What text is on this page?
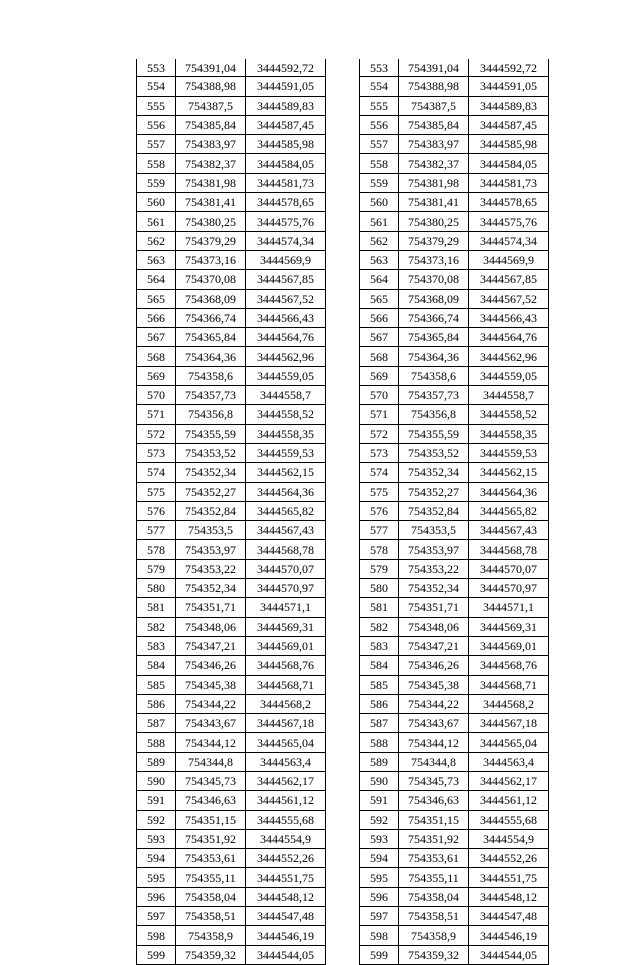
553	754391,04	3444592,72
554	754388,98	3444591,05
555	754387,5	3444589,83
556	754385,84	3444587,45
557	754383,97	3444585,98
558	754382,37	3444584,05
559	754381,98	3444581,73
560	754381,41	3444578,65
561	754380,25	3444575,76
562	754379,29	3444574,34
563	754373,16	3444569,9
564	754370,08	3444567,85
565	754368,09	3444567,52
566	754366,74	3444566,43
567	754365,84	3444564,76
568	754364,36	3444562,96
569	754358,6	3444559,05
570	754357,73	3444558,7
571	754356,8	3444558,52
572	754355,59	3444558,35
573	754353,52	3444559,53
574	754352,34	3444562,15
575	754352,27	3444564,36
576	754352,84	3444565,82
577	754353,5	3444567,43
578	754353,97	3444568,78
579	754353,22	3444570,07
580	754352,34	3444570,97
581	754351,71	3444571,1
582	754348,06	3444569,31
583	754347,21	3444569,01
584	754346,26	3444568,76
585	754345,38	3444568,71
586	754344,22	3444568,2
587	754343,67	3444567,18
588	754344,12	3444565,04
589	754344,8	3444563,4
590	754345,73	3444562,17
591	754346,63	3444561,12
592	754351,15	3444555,68
593	754351,92	3444554,9
594	754353,61	3444552,26
595	754355,11	3444551,75
596	754358,04	3444548,12
597	754358,51	3444547,48
598	754358,9	3444546,19
599	754359,32	3444544,05
553	754391,04	3444592,72
554	754388,98	3444591,05
555	754387,5	3444589,83
556	754385,84	3444587,45
557	754383,97	3444585,98
558	754382,37	3444584,05
559	754381,98	3444581,73
560	754381,41	3444578,65
561	754380,25	3444575,76
562	754379,29	3444574,34
563	754373,16	3444569,9
564	754370,08	3444567,85
565	754368,09	3444567,52
566	754366,74	3444566,43
567	754365,84	3444564,76
568	754364,36	3444562,96
569	754358,6	3444559,05
570	754357,73	3444558,7
571	754356,8	3444558,52
572	754355,59	3444558,35
573	754353,52	3444559,53
574	754352,34	3444562,15
575	754352,27	3444564,36
576	754352,84	3444565,82
577	754353,5	3444567,43
578	754353,97	3444568,78
579	754353,22	3444570,07
580	754352,34	3444570,97
581	754351,71	3444571,1
582	754348,06	3444569,31
583	754347,21	3444569,01
584	754346,26	3444568,76
585	754345,38	3444568,71
586	754344,22	3444568,2
587	754343,67	3444567,18
588	754344,12	3444565,04
589	754344,8	3444563,4
590	754345,73	3444562,17
591	754346,63	3444561,12
592	754351,15	3444555,68
593	754351,92	3444554,9
594	754353,61	3444552,26
595	754355,11	3444551,75
596	754358,04	3444548,12
597	754358,51	3444547,48
598	754358,9	3444546,19
599	754359,32	3444544,05
